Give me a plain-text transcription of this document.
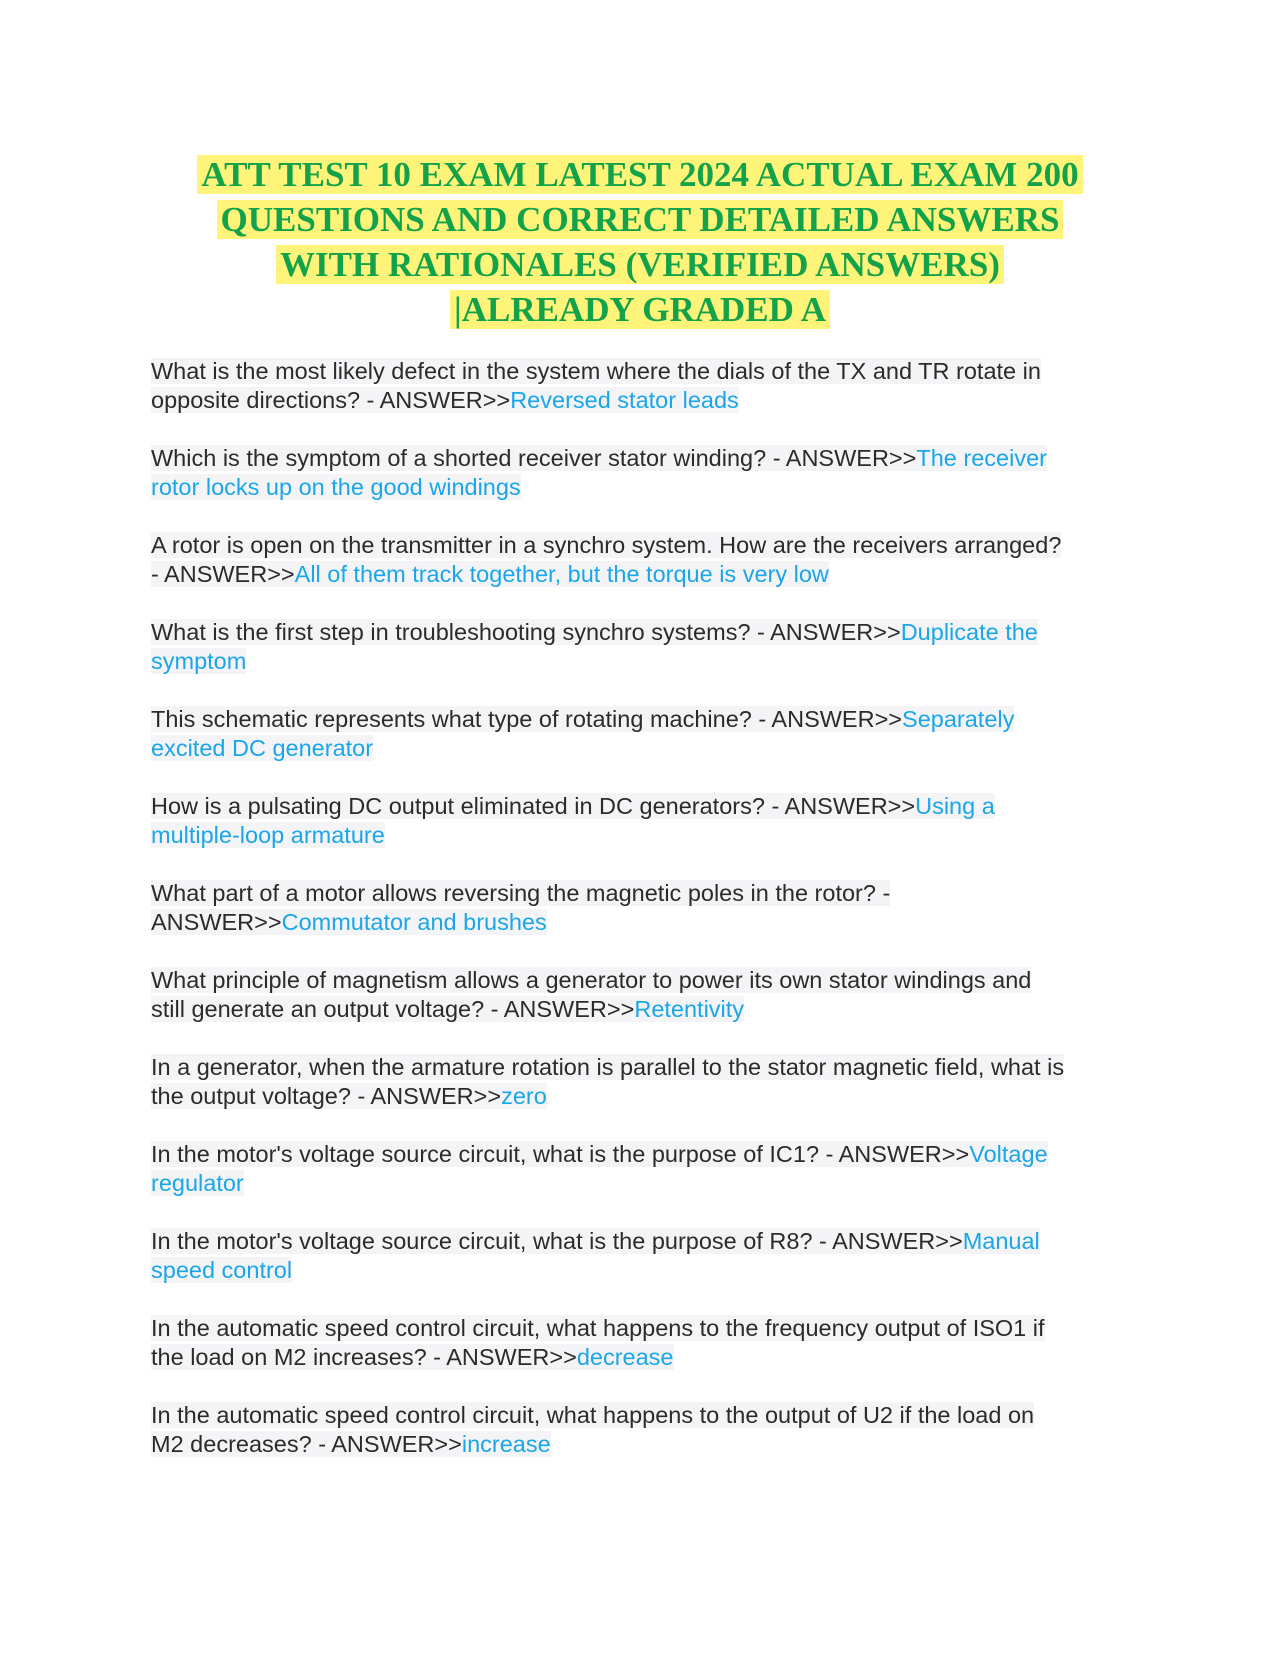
ATT TEST 10 EXAM LATEST 2024 ACTUAL EXAM 200
QUESTIONS AND CORRECT DETAILED ANSWERS
WITH RATIONALES (VERIFIED ANSWERS)
|ALREADY GRADED A
What is the most likely defect in the system where the dials of the TX and TR rotate in
opposite directions? - ANSWER>>Reversed stator leads
Which is the symptom of a shorted receiver stator winding? - ANSWER>>The receiver
rotor locks up on the good windings
A rotor is open on the transmitter in a synchro system. How are the receivers arranged?
- ANSWER>>All of them track together, but the torque is very low
What is the first step in troubleshooting synchro systems? - ANSWER>>Duplicate the
symptom
This schematic represents what type of rotating machine? - ANSWER>>Separately
excited DC generator
How is a pulsating DC output eliminated in DC generators? - ANSWER>>Using a
multiple-loop armature
What part of a motor allows reversing the magnetic poles in the rotor? -
ANSWER>>Commutator and brushes
What principle of magnetism allows a generator to power its own stator windings and
still generate an output voltage? - ANSWER>>Retentivity
In a generator, when the armature rotation is parallel to the stator magnetic field, what is
the output voltage? - ANSWER>>zero
In the motor's voltage source circuit, what is the purpose of IC1? - ANSWER>>Voltage
regulator
In the motor's voltage source circuit, what is the purpose of R8? - ANSWER>>Manual
speed control
In the automatic speed control circuit, what happens to the frequency output of ISO1 if
the load on M2 increases? - ANSWER>>decrease
In the automatic speed control circuit, what happens to the output of U2 if the load on
M2 decreases? - ANSWER>>increase
